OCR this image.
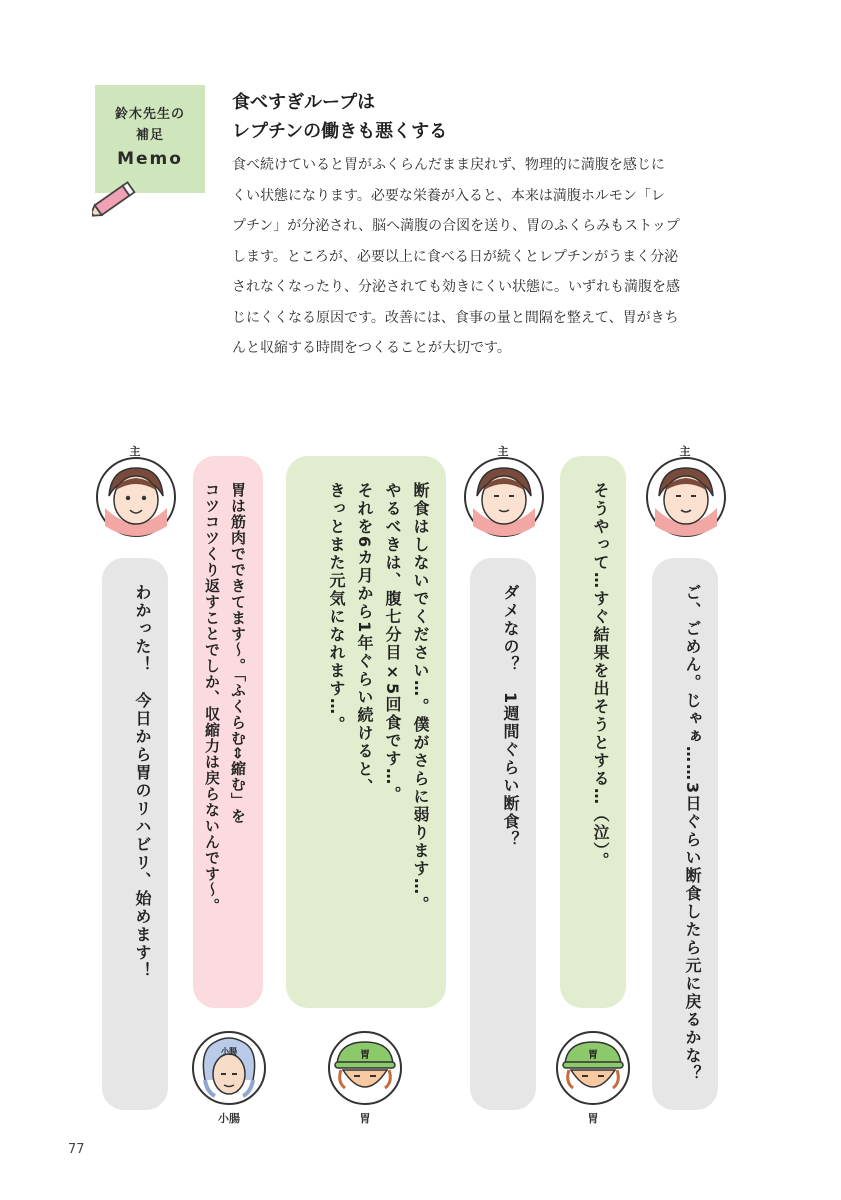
鈴木先生の
補足
Memo
食べすぎループは
レプチンの働きも悪くする

食べ続けていると胃がふくらんだまま戻れず、物理的に満腹を感じに

くい状態になります。必要な栄養が入ると、本来は満腹ホルモン「レ

プチン」が分泌され、脳へ満腹の合図を送り、胃のふくらみもストップ

します。ところが、必要以上に食べる日が続くとレプチンがうまく分泌

されなくなったり、分泌されても効きにくい状態に。いずれも満腹を感

じにくくなる原因です。改善には、食事の量と間隔を整えて、胃がきち

んと収縮する時間をつくることが大切です。

ご、ごめん。じゃぁ……3日ぐらい断食したら元に戻るかな？

そうやって…すぐ結果を出そうとする…（泣）。

ダメなの？　1週間ぐらい断食？

断食はしないでください…。僕がさらに弱ります…。

やるべきは、腹七分目×5回食です…。

それを6カ月から1年ぐらい続けると、

きっとまた元気になれます…。

胃は筋肉でできてます〜。「ふくらむ⇔縮む」を

コツコツくり返すことでしか、収縮力は戻らないんです〜。

わかった！　今日から胃のリハビリ、始めます！

主
主
主
胃
胃
胃
胃
小腸
小腸
77
